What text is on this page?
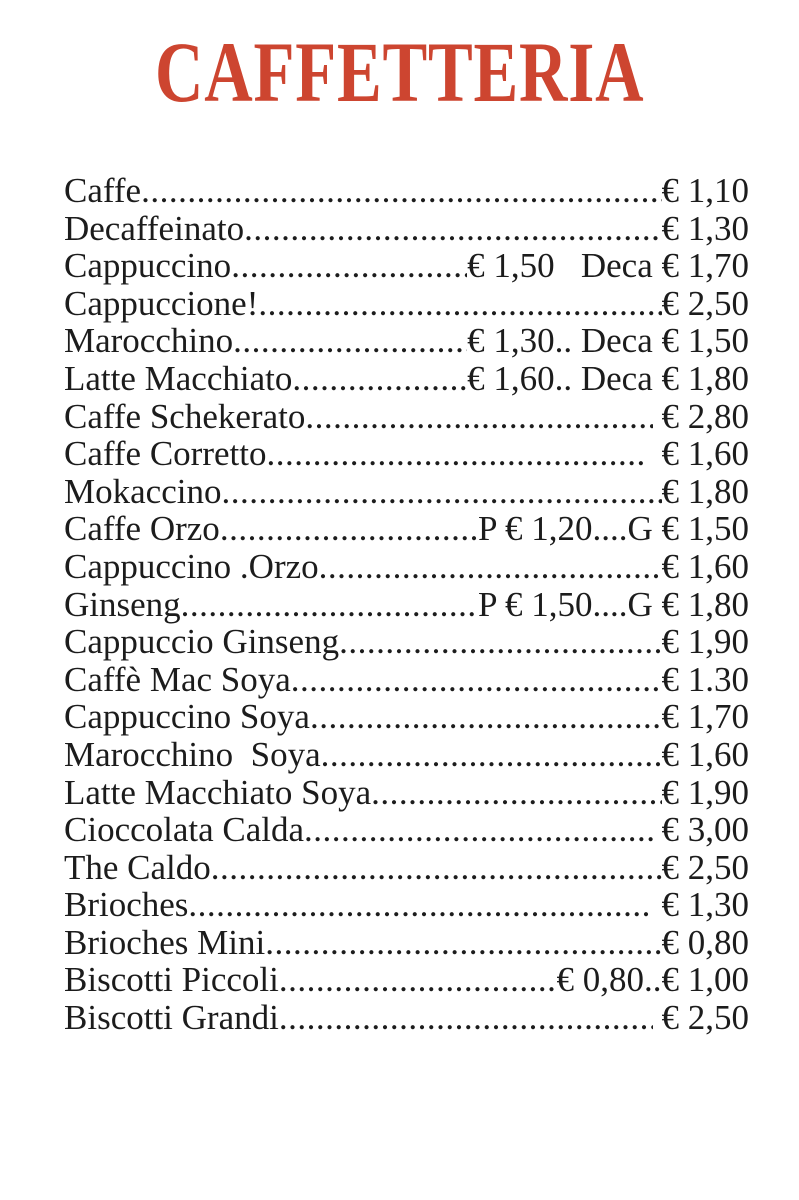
CAFFETTERIA
Caffe .....	€ 1,10
Decaffeinato .....	€ 1,30
Cappuccino .....	€ 1,50   Deca € 1,70
Cappuccione! .....	€ 2,50
Marocchino .....	€ 1,30.. Deca € 1,50
Latte Macchiato .....	€ 1,60.. Deca € 1,80
Caffe Schekerato .....	€ 2,80
Caffe Corretto .....	€ 1,60
Mokaccino .....	€ 1,80
Caffe Orzo .....	P € 1,20....G € 1,50
Cappuccino .Orzo .....	€ 1,60
Ginseng .....	P € 1,50....G € 1,80
Cappuccio Ginseng .....	€ 1,90
Caffè Mac Soya .....	€ 1.30
Cappuccino Soya .....	€ 1,70
Marocchino  Soya .....	€ 1,60
Latte Macchiato Soya .....	€ 1,90
Cioccolata Calda .....	€ 3,00
The Caldo .....	€ 2,50
Brioches .....	€ 1,30
Brioches Mini .....	€ 0,80
Biscotti Piccoli .....	€ 0,80..€ 1,00
Biscotti Grandi .....	€ 2,50
